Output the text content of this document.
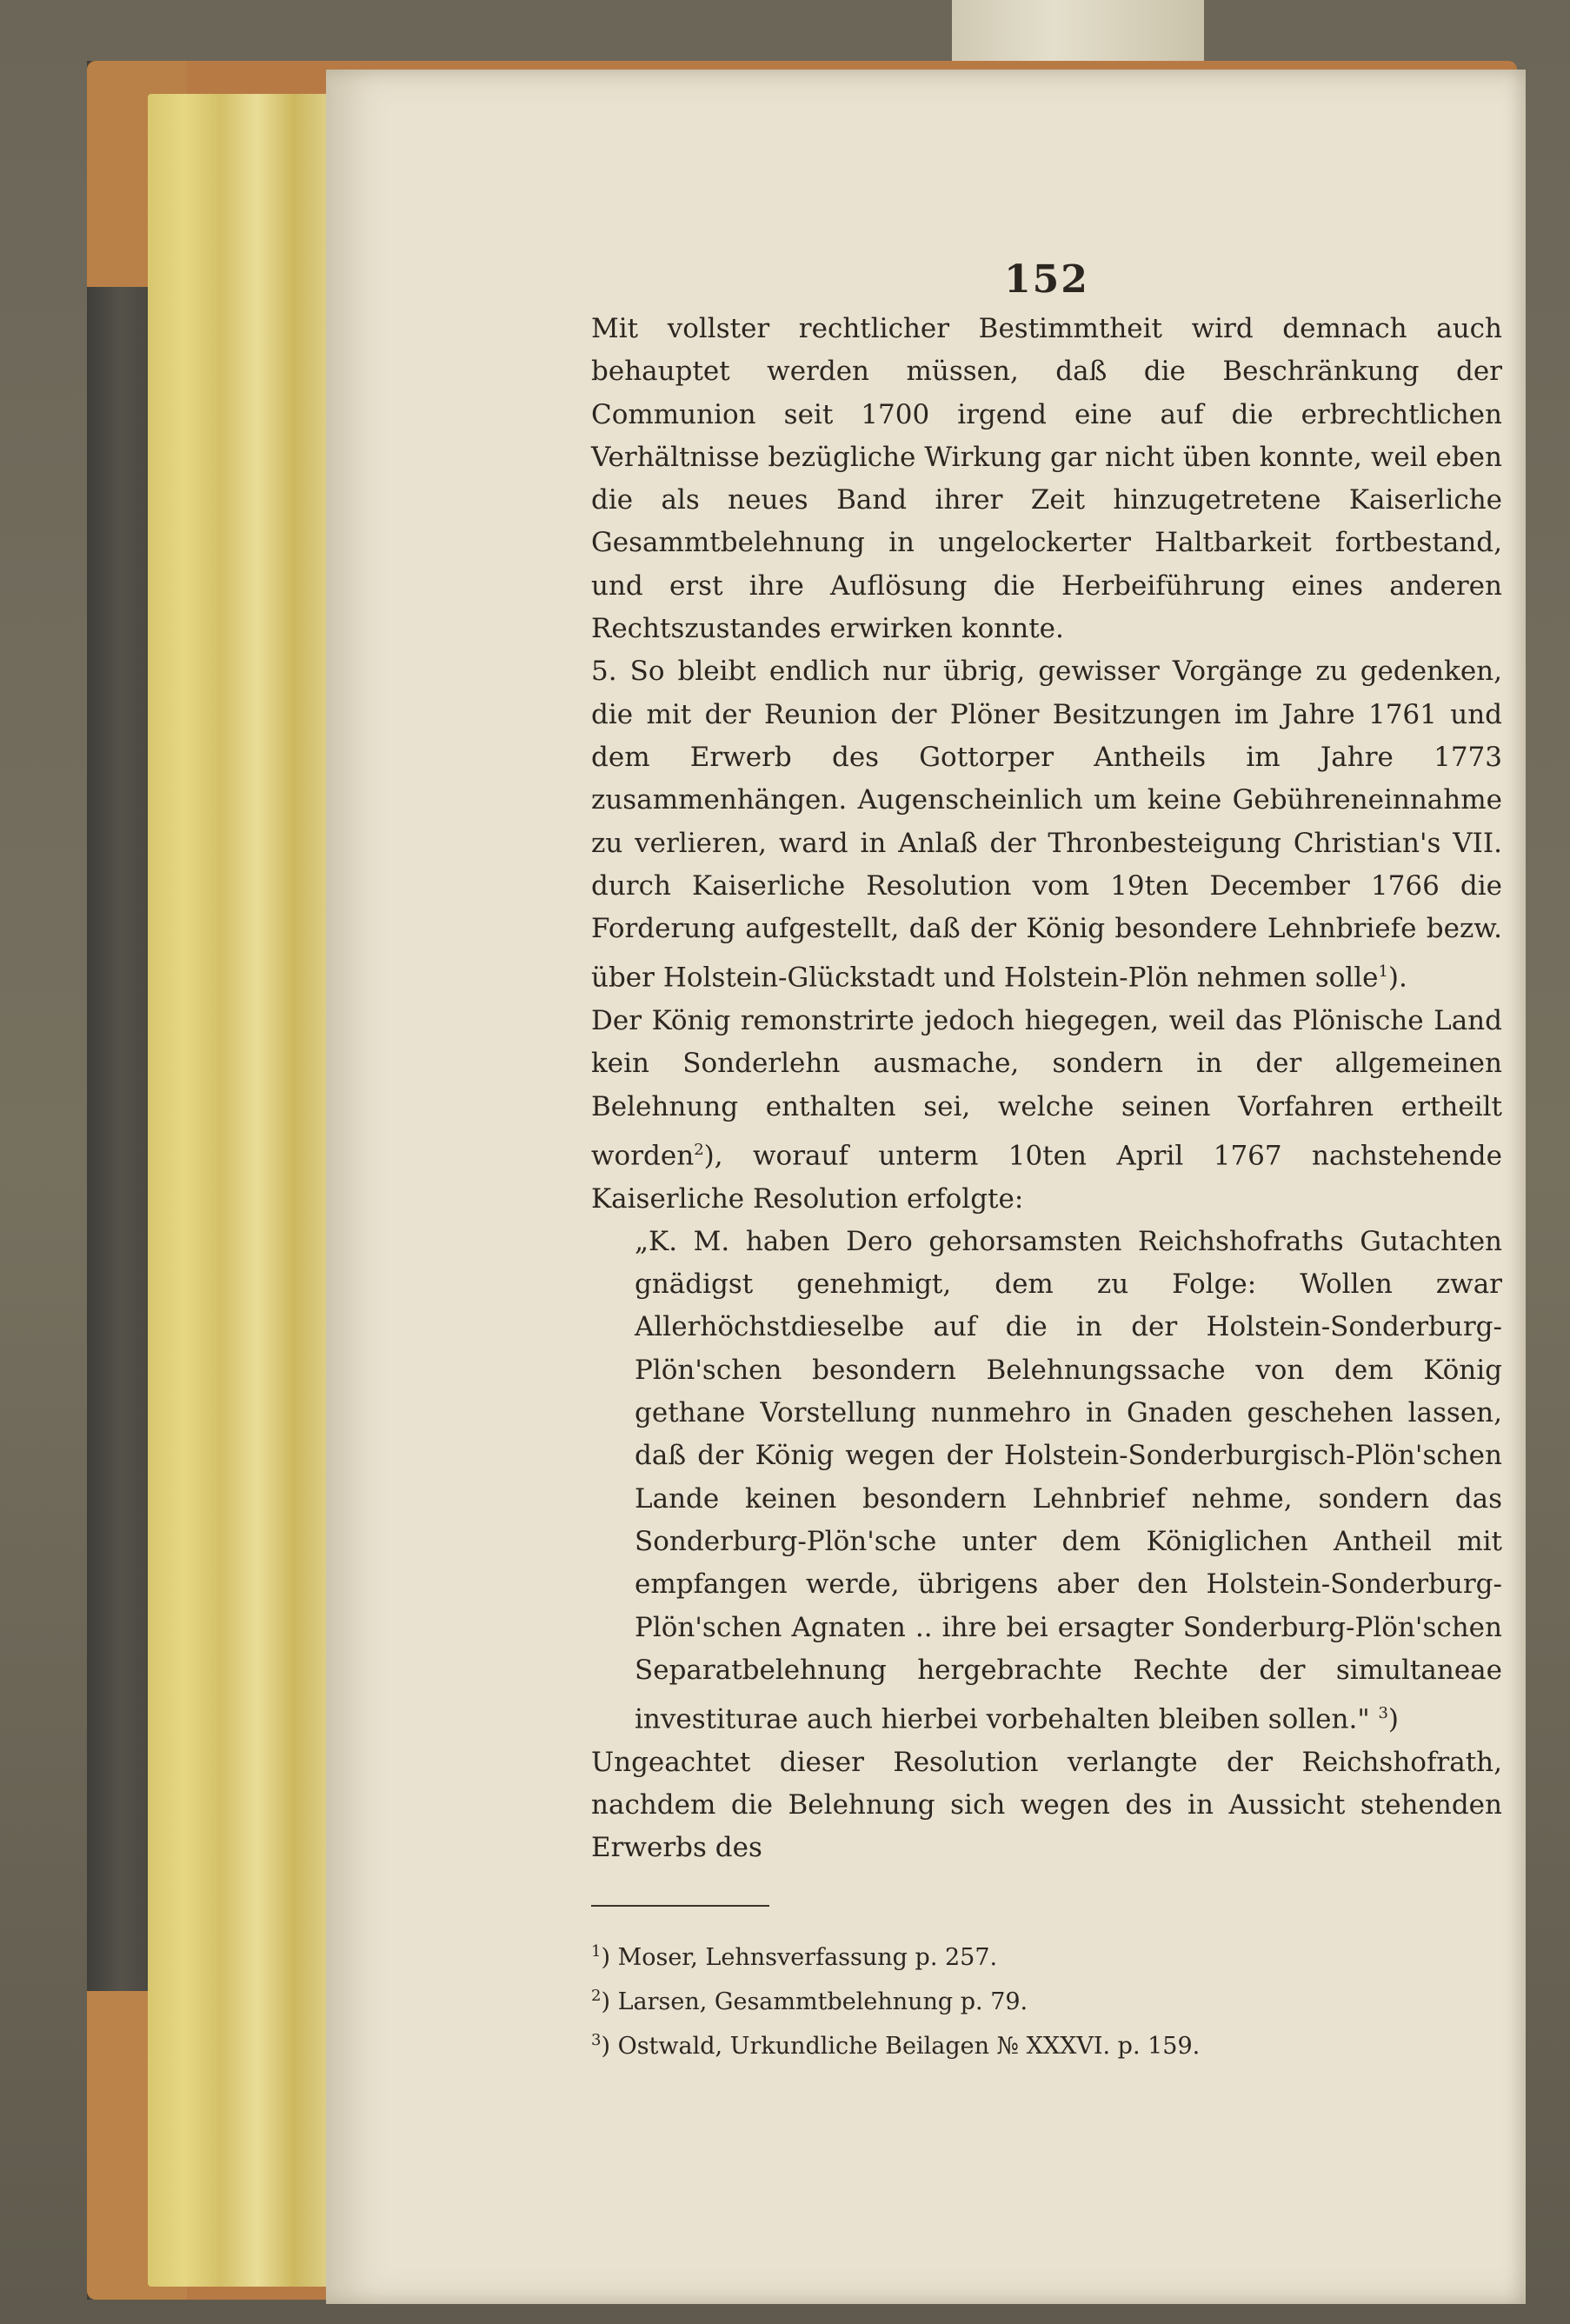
152

Mit vollster rechtlicher Bestimmtheit wird demnach auch behauptet werden müssen, daß die Beschränkung der Communion seit 1700 irgend eine auf die erbrechtlichen Verhältnisse bezügliche Wirkung gar nicht üben konnte, weil eben die als neues Band ihrer Zeit hinzugetretene Kaiserliche Gesammtbelehnung in ungelockerter Haltbarkeit fortbestand, und erst ihre Auflösung die Herbeiführung eines anderen Rechtszustandes erwirken konnte.

5. So bleibt endlich nur übrig, gewisser Vorgänge zu gedenken, die mit der Reunion der Plöner Besitzungen im Jahre 1761 und dem Erwerb des Gottorper Antheils im Jahre 1773 zusammenhängen. Augenscheinlich um keine Gebühreneinnahme zu verlieren, ward in Anlaß der Thronbesteigung Christian's VII. durch Kaiserliche Resolution vom 19ten December 1766 die Forderung aufgestellt, daß der König besondere Lehnbriefe bezw. über Holstein-Glückstadt und Holstein-Plön nehmen solle$^1$).

Der König remonstrirte jedoch hiegegen, weil das Plönische Land kein Sonderlehn ausmache, sondern in der allgemeinen Belehnung enthalten sei, welche seinen Vorfahren ertheilt worden$^2$), worauf unterm 10ten April 1767 nachstehende Kaiserliche Resolution erfolgte:

„K. M. haben Dero gehorsamsten Reichshofraths Gutachten gnädigst genehmigt, dem zu Folge: Wollen zwar Allerhöchstdieselbe auf die in der Holstein-Sonderburg-Plön'schen besondern Belehnungssache von dem König gethane Vorstellung nunmehro in Gnaden geschehen lassen, daß der König wegen der Holstein-Sonderburgisch-Plön'schen Lande keinen besondern Lehnbrief nehme, sondern das Sonderburg-Plön'sche unter dem Königlichen Antheil mit empfangen werde, übrigens aber den Holstein-Sonderburg-Plön'schen Agnaten .. ihre bei ersagter Sonderburg-Plön'schen Separatbelehnung hergebrachte Rechte der simultaneae investiturae auch hierbei vorbehalten bleiben sollen." $^3$)

Ungeachtet dieser Resolution verlangte der Reichshofrath, nachdem die Belehnung sich wegen des in Aussicht stehenden Erwerbs des

$^1$) Moser, Lehnsverfassung p. 257.

$^2$) Larsen, Gesammtbelehnung p. 79.

$^3$) Ostwald, Urkundliche Beilagen № XXXVI. p. 159.
